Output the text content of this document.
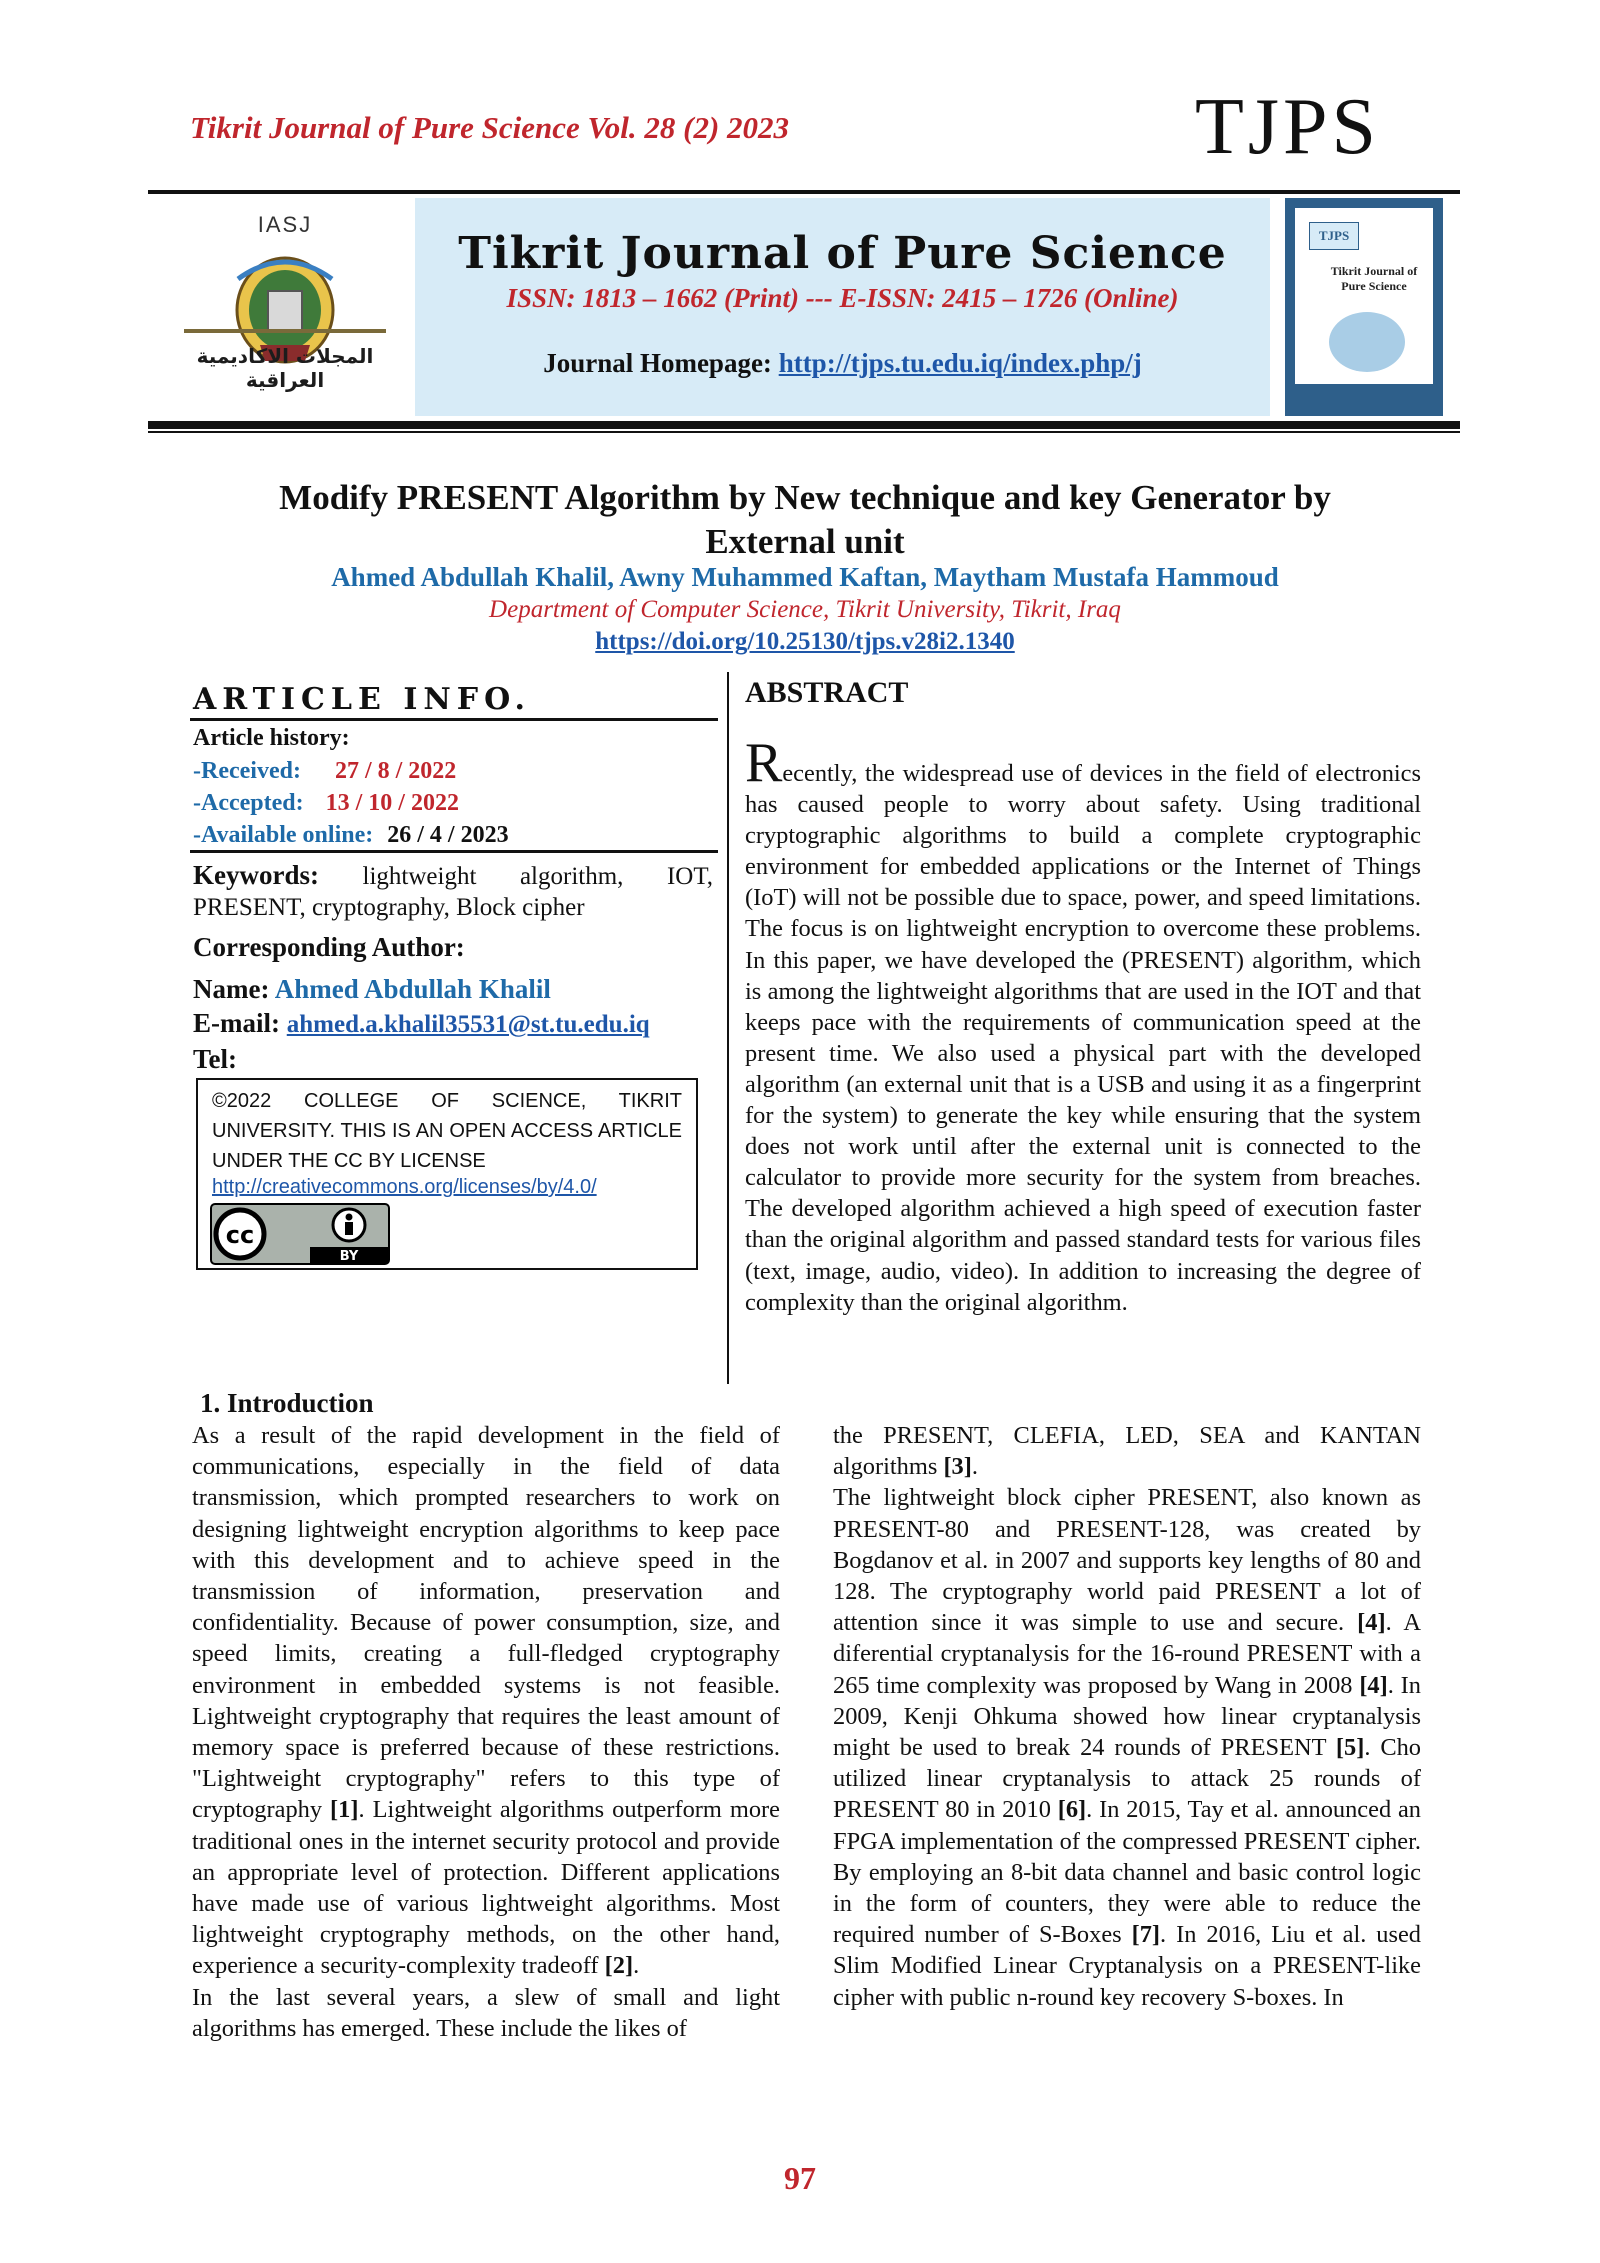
Tikrit Journal of Pure Science Vol. 28 (2) 2023	TJPS
IASJ
المجلات الاكاديمية العراقية
Tikrit Journal of Pure Science
ISSN: 1813 – 1662 (Print) --- E-ISSN: 2415 – 1726 (Online)
Journal Homepage: http://tjps.tu.edu.iq/index.php/j
TJPS
Tikrit Journal of
Pure Science
Modify PRESENT Algorithm by New technique and key Generator by
External unit
Ahmed Abdullah Khalil, Awny Muhammed Kaftan, Maytham Mustafa Hammoud
Department of Computer Science, Tikrit University, Tikrit, Iraq
https://doi.org/10.25130/tjps.v28i2.1340
ARTICLE INFO.
Article history:
-Received: 27 / 8 / 2022
-Accepted: 13 / 10 / 2022
-Available online: 26 / 4 / 2023
Keywords: lightweight algorithm, IOT, PRESENT, cryptography, Block cipher
Corresponding Author:
Name: Ahmed Abdullah Khalil
E-mail: ahmed.a.khalil35531@st.tu.edu.iq
Tel:
©2022 COLLEGE OF SCIENCE, TIKRIT UNIVERSITY. THIS IS AN OPEN ACCESS ARTICLE UNDER THE CC BY LICENSE
http://creativecommons.org/licenses/by/4.0/
cc
BY
ABSTRACT
Recently, the widespread use of devices in the field of electronics has caused people to worry about safety. Using traditional cryptographic algorithms to build a complete cryptographic environment for embedded applications or the Internet of Things (IoT) will not be possible due to space, power, and speed limitations. The focus is on lightweight encryption to overcome these problems. In this paper, we have developed the (PRESENT) algorithm, which is among the lightweight algorithms that are used in the IOT and that keeps pace with the requirements of communication speed at the present time. We also used a physical part with the developed algorithm (an external unit that is a USB and using it as a fingerprint for the system) to generate the key while ensuring that the system does not work until after the external unit is connected to the calculator to provide more security for the system from breaches. The developed algorithm achieved a high speed of execution faster than the original algorithm and passed standard tests for various files (text, image, audio, video). In addition to increasing the degree of complexity than the original algorithm.
1. Introduction

As a result of the rapid development in the field of communications, especially in the field of data transmission, which prompted researchers to work on designing lightweight encryption algorithms to keep pace with this development and to achieve speed in the transmission of information, preservation and confidentiality. Because of power consumption, size, and speed limits, creating a full-fledged cryptography environment in embedded systems is not feasible. Lightweight cryptography that requires the least amount of memory space is preferred because of these restrictions. "Lightweight cryptography" refers to this type of cryptography [1]. Lightweight algorithms outperform more traditional ones in the internet security protocol and provide an appropriate level of protection. Different applications have made use of various lightweight algorithms. Most lightweight cryptography methods, on the other hand, experience a security-complexity tradeoff [2].

In the last several years, a slew of small and light algorithms has emerged. These include the likes of

the PRESENT, CLEFIA, LED, SEA and KANTAN algorithms [3].

The lightweight block cipher PRESENT, also known as PRESENT-80 and PRESENT-128, was created by Bogdanov et al. in 2007 and supports key lengths of 80 and 128. The cryptography world paid PRESENT a lot of attention since it was simple to use and secure. [4]. A diferential cryptanalysis for the 16-round PRESENT with a 265 time complexity was proposed by Wang in 2008 [4]. In 2009, Kenji Ohkuma showed how linear cryptanalysis might be used to break 24 rounds of PRESENT [5]. Cho utilized linear cryptanalysis to attack 25 rounds of PRESENT 80 in 2010 [6]. In 2015, Tay et al. announced an FPGA implementation of the compressed PRESENT cipher. By employing an 8-bit data channel and basic control logic in the form of counters, they were able to reduce the required number of S-Boxes [7]. In 2016, Liu et al. used Slim Modified Linear Cryptanalysis on a PRESENT-like cipher with public n-round key recovery S-boxes. In

97
